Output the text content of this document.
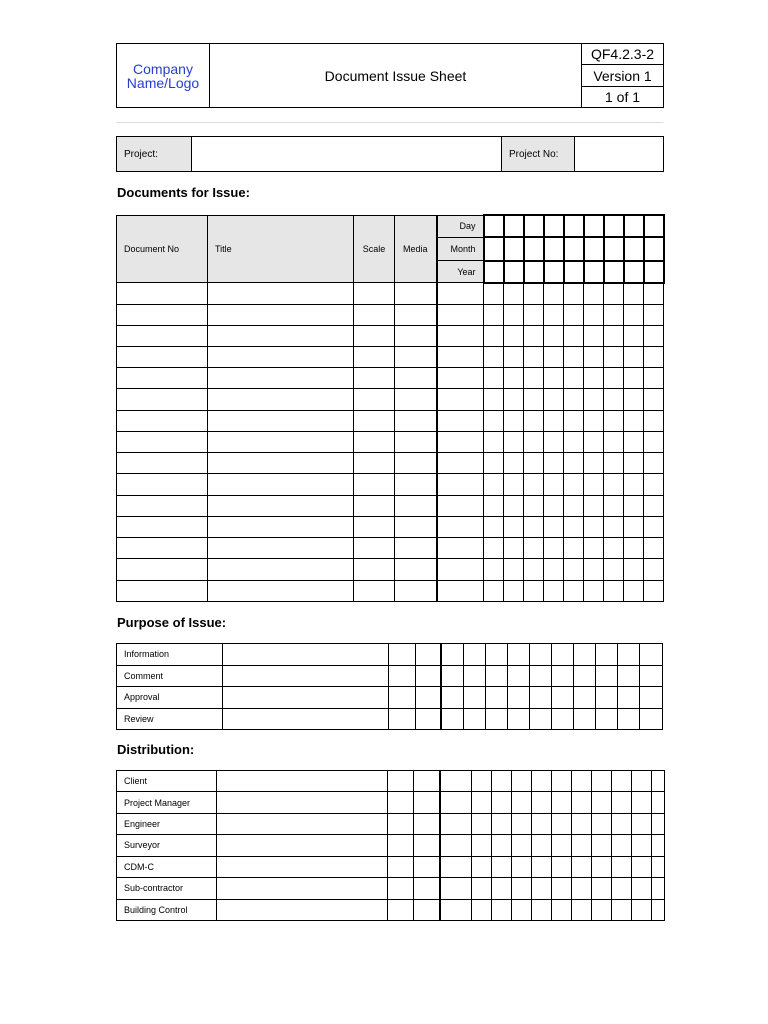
Company
Name/Logo	Document Issue Sheet	QF4.2.3-2
Version 1
1 of 1
Project:		Project No:	
Documents for Issue:
Document No	Title	Scale	Media	Day									
				Month									
				Year									

Purpose of Issue:
Information													
Comment													
Approval													
Review													
Distribution:
Client														
Project Manager														
Engineer														
Surveyor														
CDM-C														
Sub-contractor														
Building Control														
